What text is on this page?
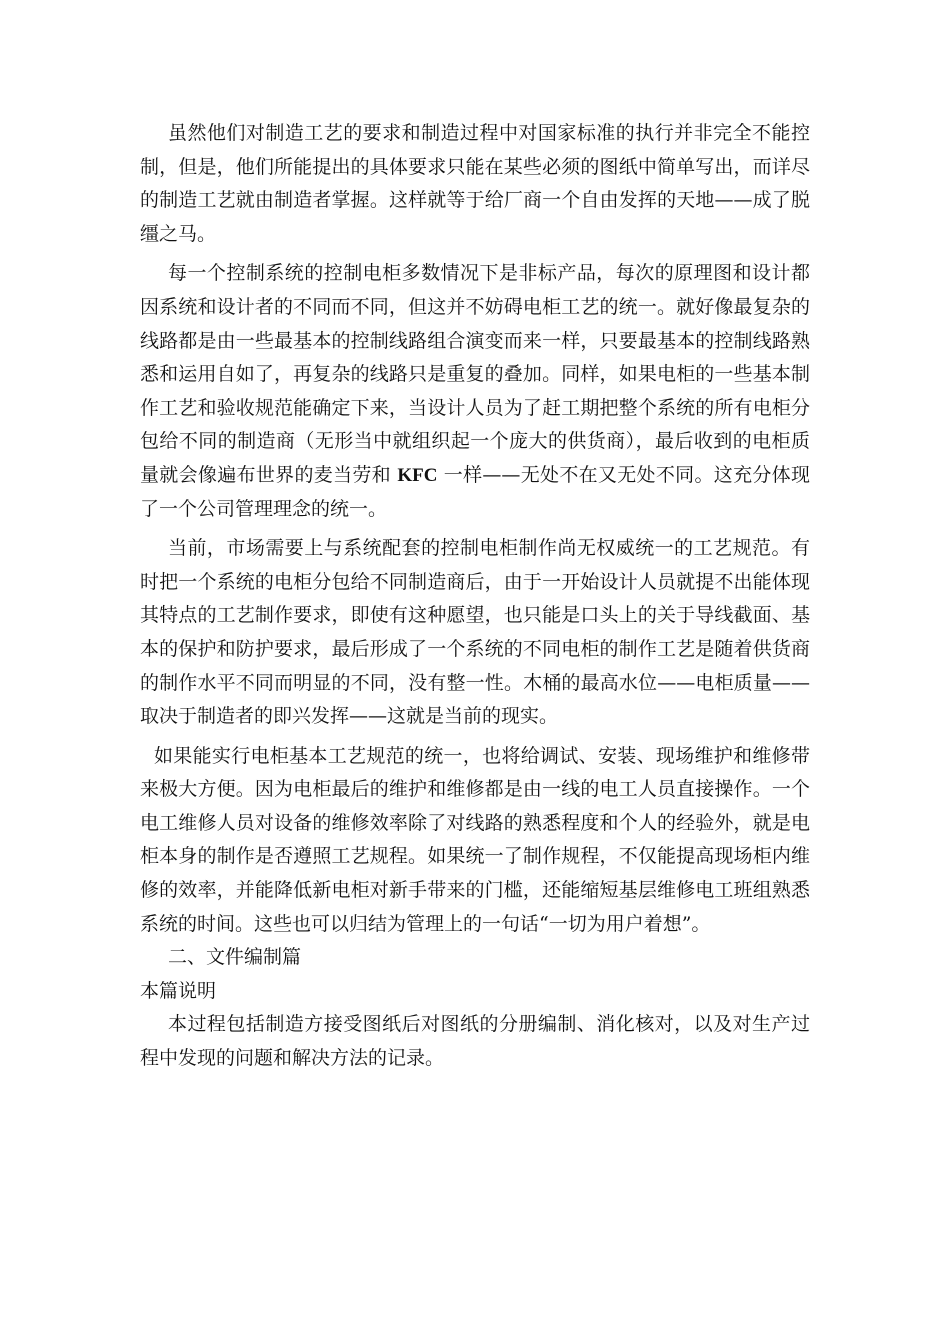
虽然他们对制造工艺的要求和制造过程中对国家标准的执行并非完全不能控制，但是，他们所能提出的具体要求只能在某些必须的图纸中简单写出，而详尽的制造工艺就由制造者掌握。这样就等于给厂商一个自由发挥的天地——成了脱缰之马。

每一个控制系统的控制电柜多数情况下是非标产品，每次的原理图和设计都因系统和设计者的不同而不同，但这并不妨碍电柜工艺的统一。就好像最复杂的线路都是由一些最基本的控制线路组合演变而来一样，只要最基本的控制线路熟悉和运用自如了，再复杂的线路只是重复的叠加。同样，如果电柜的一些基本制作工艺和验收规范能确定下来，当设计人员为了赶工期把整个系统的所有电柜分包给不同的制造商（无形当中就组织起一个庞大的供货商），最后收到的电柜质量就会像遍布世界的麦当劳和 KFC 一样——无处不在又无处不同。这充分体现了一个公司管理理念的统一。

当前，市场需要上与系统配套的控制电柜制作尚无权威统一的工艺规范。有时把一个系统的电柜分包给不同制造商后，由于一开始设计人员就提不出能体现其特点的工艺制作要求，即使有这种愿望，也只能是口头上的关于导线截面、基本的保护和防护要求，最后形成了一个系统的不同电柜的制作工艺是随着供货商的制作水平不同而明显的不同，没有整一性。木桶的最高水位——电柜质量——取决于制造者的即兴发挥——这就是当前的现实。

如果能实行电柜基本工艺规范的统一，也将给调试、安装、现场维护和维修带来极大方便。因为电柜最后的维护和维修都是由一线的电工人员直接操作。一个电工维修人员对设备的维修效率除了对线路的熟悉程度和个人的经验外，就是电柜本身的制作是否遵照工艺规程。如果统一了制作规程，不仅能提高现场柜内维修的效率，并能降低新电柜对新手带来的门槛，还能缩短基层维修电工班组熟悉系统的时间。这些也可以归结为管理上的一句话“一切为用户着想”。

二、文件编制篇

本篇说明

本过程包括制造方接受图纸后对图纸的分册编制、消化核对，以及对生产过程中发现的问题和解决方法的记录。
